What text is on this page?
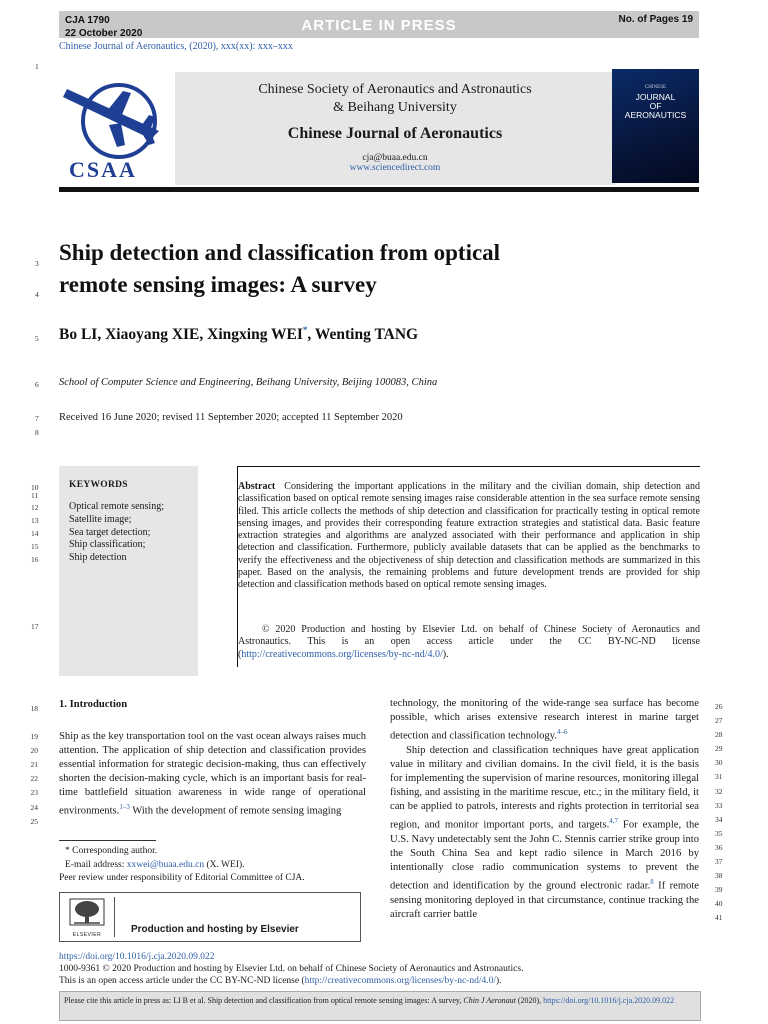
CJA 1790
22 October 2020	ARTICLE IN PRESS	No. of Pages 19
Chinese Journal of Aeronautics, (2020), xxx(xx): xxx–xxx
1
CSAA
Chinese Society of Aeronautics and Astronautics
& Beihang University
Chinese Journal of Aeronautics
cja@buaa.edu.cn
www.sciencedirect.com
CHINESE
JOURNAL
OF
AERONAUTICS
3
4
Ship detection and classification from optical
remote sensing images: A survey
5 Bo LI, Xiaoyang XIE, Xingxing WEI*, Wenting TANG
6 School of Computer Science and Engineering, Beihang University, Beijing 100083, China
7
8
Received 16 June 2020; revised 11 September 2020; accepted 11 September 2020
10
11
12
13
14
15
16
17
KEYWORDS
Optical remote sensing;
Satellite image;
Sea target detection;
Ship classification;
Ship detection
Abstract Considering the important applications in the military and the civilian domain, ship detection and classification based on optical remote sensing images raise considerable attention in the sea surface remote sensing filed. This article collects the methods of ship detection and classification for practically testing in optical remote sensing images, and provides their corresponding feature extraction strategies and statistical data. Basic feature extraction strategies and algorithms are analyzed associated with their performance and application in ship detection and classification. Furthermore, publicly available datasets that can be applied as the benchmarks to verify the effectiveness and the objectiveness of ship detection and classification methods are summarized in this paper. Based on the analysis, the remaining problems and future development trends are provided for ship detection and classification methods based on optical remote sensing images.
© 2020 Production and hosting by Elsevier Ltd. on behalf of Chinese Society of Aeronautics and Astronautics. This is an open access article under the CC BY-NC-ND license (http://creativecommons.org/licenses/by-nc-nd/4.0/).
18
19
20
21
22
23
24
25
1. Introduction
Ship as the key transportation tool on the vast ocean always raises much attention. The application of ship detection and classification provides essential information for strategic decision-making, thus can effectively shorten the decision-making cycle, which is an important basis for real-time battlefield situation awareness in wide range of operational environments.$^{1-3}$ With the development of remote sensing imaging
technology, the monitoring of the wide-range sea surface has become possible, which arises extensive research interest in marine target detection and classification technology.$^{4-6}$
Ship detection and classification techniques have great application value in military and civilian domains. In the civil field, it is the basis for implementing the supervision of marine resources, monitoring illegal fishing, and assisting in the maritime rescue, etc.; in the military field, it can be applied to patrols, interests and rights protection in territorial sea region, and monitor important ports, and targets.$^{4,7}$ For example, the U.S. Navy undetectably sent the John C. Stennis carrier strike group into the South China Sea and kept radio silence in March 2016 by intentionally close radio communication systems to prevent the detection and identification by the ground electronic radar.$^8$ If remote sensing monitoring deployed in that circumstance, continue tracking the aircraft carrier battle
26
27
28
29
30
31
32
33
34
35
36
37
38
39
40
41
* Corresponding author.
E-mail address: xxwei@buaa.edu.cn (X. WEI).
Peer review under responsibility of Editorial Committee of CJA.
ELSEVIER	Production and hosting by Elsevier
https://doi.org/10.1016/j.cja.2020.09.022
1000-9361 © 2020 Production and hosting by Elsevier Ltd. on behalf of Chinese Society of Aeronautics and Astronautics.
This is an open access article under the CC BY-NC-ND license (http://creativecommons.org/licenses/by-nc-nd/4.0/).
Please cite this article in press as: LI B et al. Ship detection and classification from optical remote sensing images: A survey, Chin J Aeronaut (2020), https://doi.org/10.1016/j.cja.2020.09.022
